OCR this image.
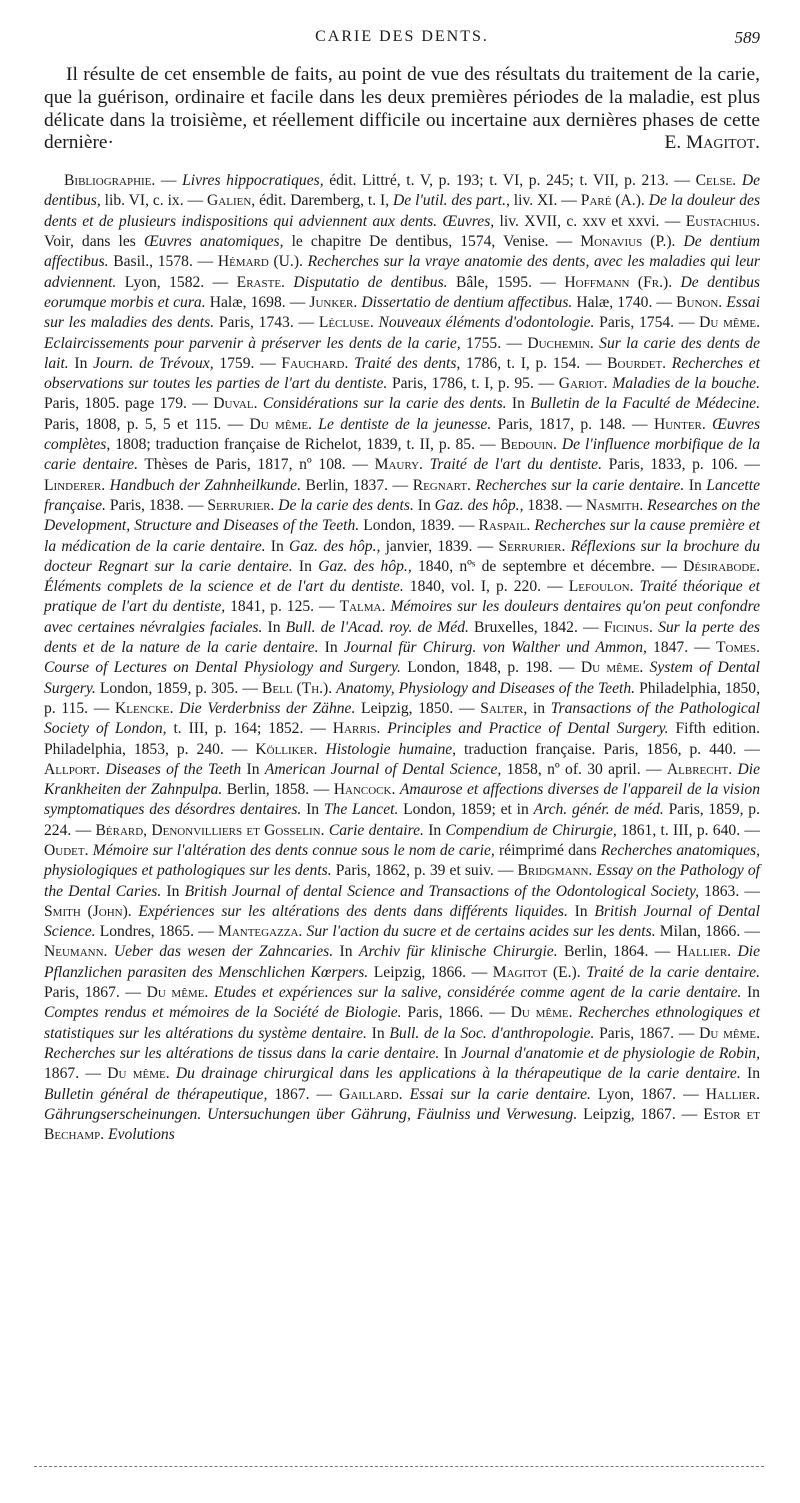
CARIE DES DENTS.	589

Il résulte de cet ensemble de faits, au point de vue des résultats du traitement de la carie, que la guérison, ordinaire et facile dans les deux premières périodes de la maladie, est plus délicate dans la troisième, et réellement difficile ou incertaine aux dernières phases de cette dernière·	E. Magitot.

Bibliographie. — Livres hippocratiques, édit. Littré, t. V, p. 193; t. VI, p. 245; t. VII, p. 213. — Celse. De dentibus, lib. VI, c. ix. — Galien, édit. Daremberg, t. I, De l'util. des part., liv. XI. — Paré (A.). De la douleur des dents et de plusieurs indispositions qui adviennent aux dents. Œuvres, liv. XVII, c. xxv et xxvi. — Eustachius. Voir, dans les Œuvres anatomiques, le chapitre De dentibus, 1574, Venise. — Monavius (P.). De dentium affectibus. Basil., 1578. — Hémard (U.). Recherches sur la vraye anatomie des dents, avec les maladies qui leur adviennent. Lyon, 1582. — Eraste. Disputatio de dentibus. Bâle, 1595. — Hoffmann (Fr.). De dentibus eorumque morbis et cura. Halæ, 1698. — Junker. Dissertatio de dentium affectibus. Halæ, 1740. — Bunon. Essai sur les maladies des dents. Paris, 1743. — Lécluse. Nouveaux éléments d'odontologie. Paris, 1754. — Du même. Eclaircissements pour parvenir à préserver les dents de la carie, 1755. — Duchemin. Sur la carie des dents de lait. In Journ. de Trévoux, 1759. — Fauchard. Traité des dents, 1786, t. I, p. 154. — Bourdet. Recherches et observations sur toutes les parties de l'art du dentiste. Paris, 1786, t. I, p. 95. — Gariot. Maladies de la bouche. Paris, 1805. page 179. — Duval. Considérations sur la carie des dents. In Bulletin de la Faculté de Médecine. Paris, 1808, p. 5, 5 et 115. — Du même. Le dentiste de la jeunesse. Paris, 1817, p. 148. — Hunter. Œuvres complètes, 1808; traduction française de Richelot, 1839, t. II, p. 85. — Bedouin. De l'influence morbifique de la carie dentaire. Thèses de Paris, 1817, nº 108. — Maury. Traité de l'art du dentiste. Paris, 1833, p. 106. — Linderer. Handbuch der Zahnheilkunde. Berlin, 1837. — Regnart. Recherches sur la carie dentaire. In Lancette française. Paris, 1838. — Serrurier. De la carie des dents. In Gaz. des hôp., 1838. — Nasmith. Researches on the Development, Structure and Diseases of the Teeth. London, 1839. — Raspail. Recherches sur la cause première et la médication de la carie dentaire. In Gaz. des hôp., janvier, 1839. — Serrurier. Réflexions sur la brochure du docteur Regnart sur la carie dentaire. In Gaz. des hôp., 1840, nºˢ de septembre et décembre. — Désirabode. Éléments complets de la science et de l'art du dentiste. 1840, vol. I, p. 220. — Lefoulon. Traité théorique et pratique de l'art du dentiste, 1841, p. 125. — Talma. Mémoires sur les douleurs dentaires qu'on peut confondre avec certaines névralgies faciales. In Bull. de l'Acad. roy. de Méd. Bruxelles, 1842. — Ficinus. Sur la perte des dents et de la nature de la carie dentaire. In Journal für Chirurg. von Walther und Ammon, 1847. — Tomes. Course of Lectures on Dental Physiology and Surgery. London, 1848, p. 198. — Du même. System of Dental Surgery. London, 1859, p. 305. — Bell (Th.). Anatomy, Physiology and Diseases of the Teeth. Philadelphia, 1850, p. 115. — Klencke. Die Verderbniss der Zähne. Leipzig, 1850. — Salter, in Transactions of the Pathological Society of London, t. III, p. 164; 1852. — Harris. Principles and Practice of Dental Surgery. Fifth edition. Philadelphia, 1853, p. 240. — Kölliker. Histologie humaine, traduction française. Paris, 1856, p. 440. — Allport. Diseases of the Teeth In American Journal of Dental Science, 1858, nº of. 30 april. — Albrecht. Die Krankheiten der Zahnpulpa. Berlin, 1858. — Hancock. Amaurose et affections diverses de l'appareil de la vision symptomatiques des désordres dentaires. In The Lancet. London, 1859; et in Arch. génér. de méd. Paris, 1859, p. 224. — Bérard, Denonvilliers et Gosselin. Carie dentaire. In Compendium de Chirurgie, 1861, t. III, p. 640. — Oudet. Mémoire sur l'altération des dents connue sous le nom de carie, réimprimé dans Recherches anatomiques, physiologiques et pathologiques sur les dents. Paris, 1862, p. 39 et suiv. — Bridgmann. Essay on the Pathology of the Dental Caries. In British Journal of dental Science and Transactions of the Odontological Society, 1863. — Smith (John). Expériences sur les altérations des dents dans différents liquides. In British Journal of Dental Science. Londres, 1865. — Mantegazza. Sur l'action du sucre et de certains acides sur les dents. Milan, 1866. — Neumann. Ueber das wesen der Zahncaries. In Archiv für klinische Chirurgie. Berlin, 1864. — Hallier. Die Pflanzlichen parasiten des Menschlichen Kœrpers. Leipzig, 1866. — Magitot (E.). Traité de la carie dentaire. Paris, 1867. — Du même. Etudes et expériences sur la salive, considérée comme agent de la carie dentaire. In Comptes rendus et mémoires de la Société de Biologie. Paris, 1866. — Du même. Recherches ethnologiques et statistiques sur les altérations du système dentaire. In Bull. de la Soc. d'anthropologie. Paris, 1867. — Du même. Recherches sur les altérations de tissus dans la carie dentaire. In Journal d'anatomie et de physiologie de Robin, 1867. — Du même. Du drainage chirurgical dans les applications à la thérapeutique de la carie dentaire. In Bulletin général de thérapeutique, 1867. — Gaillard. Essai sur la carie dentaire. Lyon, 1867. — Hallier. Gährungserscheinungen. Untersuchungen über Gährung, Fäulniss und Verwesung. Leipzig, 1867. — Estor et Bechamp. Evolutions
